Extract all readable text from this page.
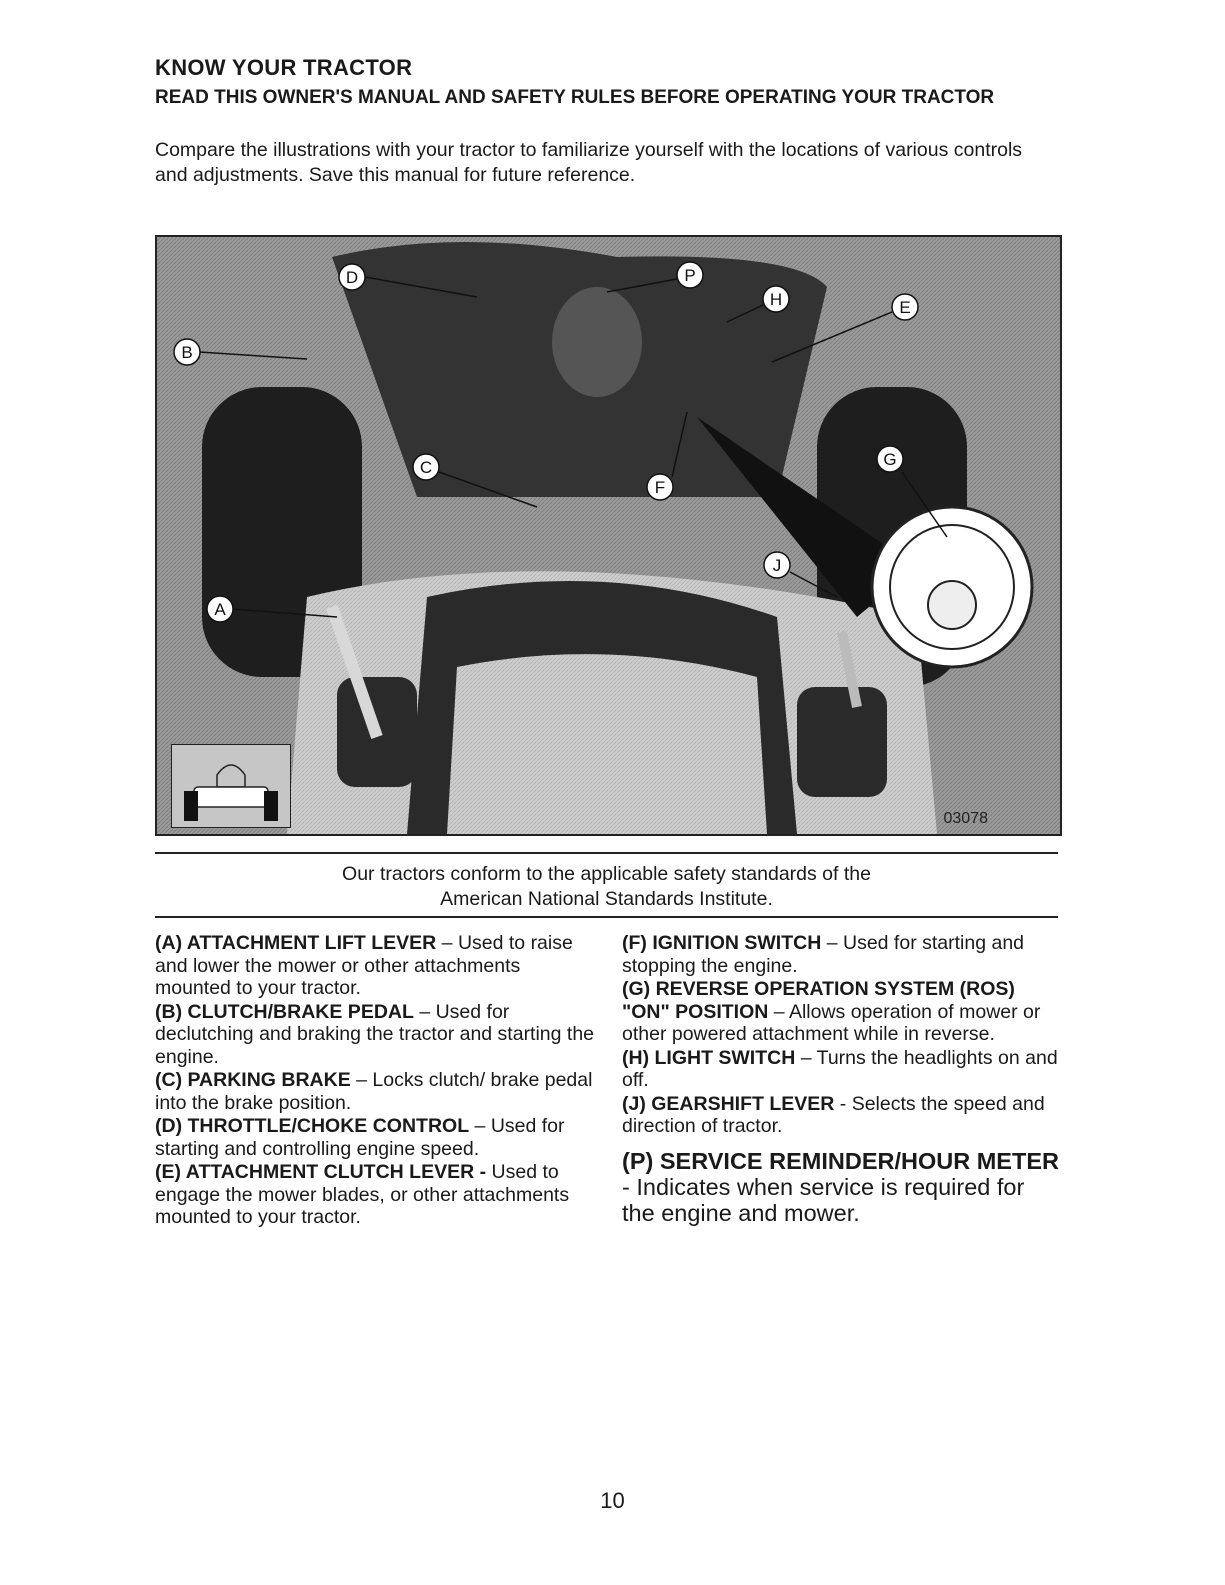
KNOW YOUR TRACTOR
READ THIS OWNER'S MANUAL AND SAFETY RULES BEFORE OPERATING YOUR TRACTOR
Compare the illustrations with your tractor to familiarize yourself with the locations of various controls and adjustments. Save this manual for future reference.
D	P
H	E
B
C
F
G
J
A
03078
Our tractors conform to the applicable safety standards of the
American National Standards Institute.
(A) ATTACHMENT LIFT LEVER – Used to raise and lower the mower or other attachments mounted to your tractor.
(B) CLUTCH/BRAKE PEDAL – Used for declutching and braking the tractor and starting the engine.
(C) PARKING BRAKE – Locks clutch/ brake pedal into the brake position.
(D) THROTTLE/CHOKE CONTROL – Used for starting and controlling engine speed.
(E) ATTACHMENT CLUTCH LEVER - Used to engage the mower blades, or other attachments mounted to your tractor.
(F) IGNITION SWITCH – Used for starting and stopping the engine.
(G) REVERSE OPERATION SYSTEM (ROS) "ON" POSITION – Allows operation of mower or other powered attachment while in reverse.
(H) LIGHT SWITCH – Turns the headlights on and off.
(J) GEARSHIFT LEVER - Selects the speed and direction of tractor.
(P) SERVICE REMINDER/HOUR METER - Indicates when service is required for the engine and mower.
10
